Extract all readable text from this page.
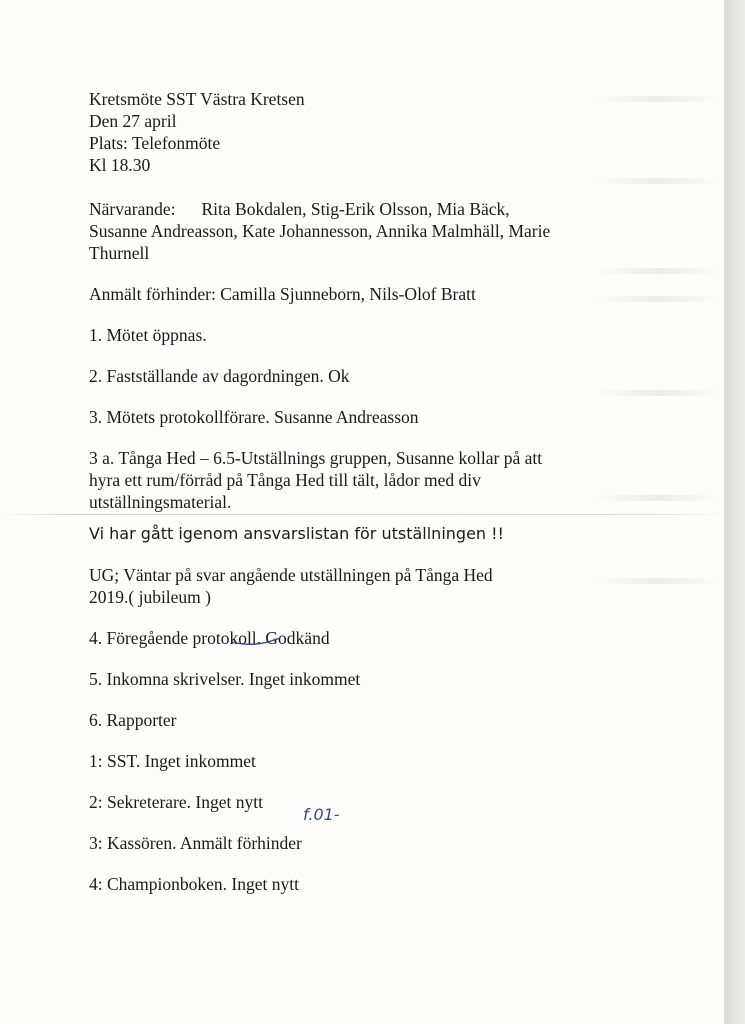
Kretsmöte SST Västra Kretsen
Den 27 april
Plats: Telefonmöte
Kl 18.30
Närvarande: Rita Bokdalen, Stig-Erik Olsson, Mia Bäck,
Susanne Andreasson, Kate Johannesson, Annika Malmhäll, Marie
Thurnell
Anmält förhinder: Camilla Sjunneborn, Nils-Olof Bratt
1. Mötet öppnas.
2. Fastställande av dagordningen. Ok
3. Mötets protokollförare. Susanne Andreasson
3 a. Tånga Hed – 6.5-Utställnings gruppen, Susanne kollar på att
hyra ett rum/förråd på Tånga Hed till tält, lådor med div
utställningsmaterial.
Vi har gått igenom ansvarslistan för utställningen !!
UG; Väntar på svar angående utställningen på Tånga Hed
2019.( jubileum )
4. Föregående protokoll. Godkänd
5. Inkomna skrivelser. Inget inkommet
6. Rapporter
1: SST. Inget inkommet
2: Sekreterare. Inget nytt
3: Kassören. Anmält förhinder
4: Championboken. Inget nytt
f.01-
